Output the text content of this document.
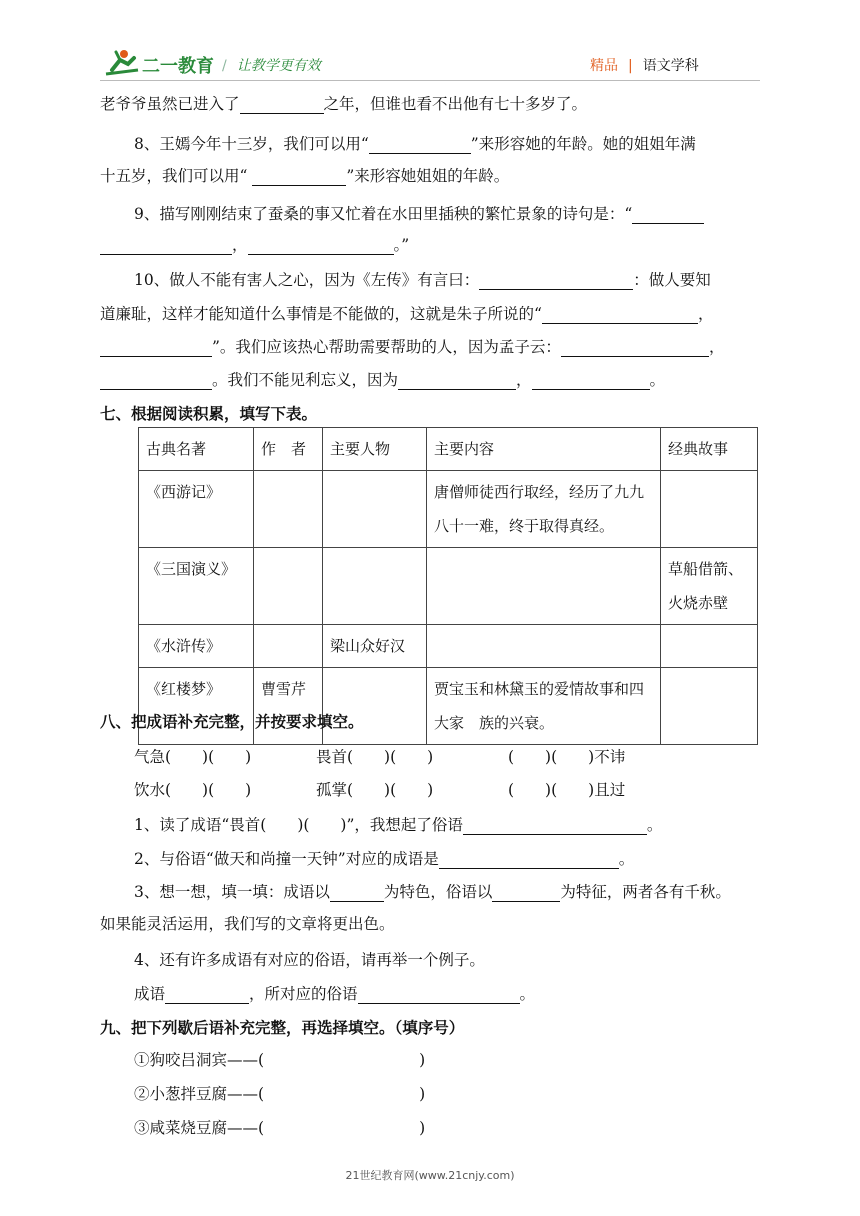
二一教育 / 让教学更有效	精品 | 语文学科
老爷爷虽然已进入了	之年，但谁也看不出他有七十多岁了。
8、王嫣今年十三岁，我们可以用“	”来形容她的年龄。她的姐姐年满
十五岁，我们可以用“	”来形容她姐姐的年龄。
9、描写刚刚结束了蚕桑的事又忙着在水田里插秧的繁忙景象的诗句是：“
，	。”
10、做人不能有害人之心，因为《左传》有言曰：	：做人要知
道廉耻，这样才能知道什么事情是不能做的，这就是朱子所说的“	，
”。我们应该热心帮助需要帮助的人，因为孟子云：	，
。我们不能见利忘义，因为	，	。
七、根据阅读积累，填写下表。
古典名著	作　者	主要人物	主要内容	经典故事
《西游记》			唐僧师徒西行取经，经历了九九八十一难，终于取得真经。	
《三国演义》				草船借箭、火烧赤壁
《水浒传》		梁山众好汉		
《红楼梦》	曹雪芹		贾宝玉和林黛玉的爱情故事和四大家　族的兴衰。	
八、把成语补充完整，并按要求填空。
气急(　　)(　　)	畏首(　　)(　　)	(　　)(　　)不讳
饮水(　　)(　　)	孤掌(　　)(　　)	(　　)(　　)且过
1、读了成语“畏首(　　)(　　)”，我想起了俗语	。
2、与俗语“做天和尚撞一天钟”对应的成语是	。
3、想一想，填一填：成语以	为特色，俗语以	为特征，两者各有千秋。
如果能灵活运用，我们写的文章将更出色。
4、还有许多成语有对应的俗语，请再举一个例子。
成语	，所对应的俗语	。
九、把下列歇后语补充完整，再选择填空。（填序号）
①狗咬吕洞宾——(	)
②小葱拌豆腐——(	)
③咸菜烧豆腐——(	)
21世纪教育网(www.21cnjy.com)
